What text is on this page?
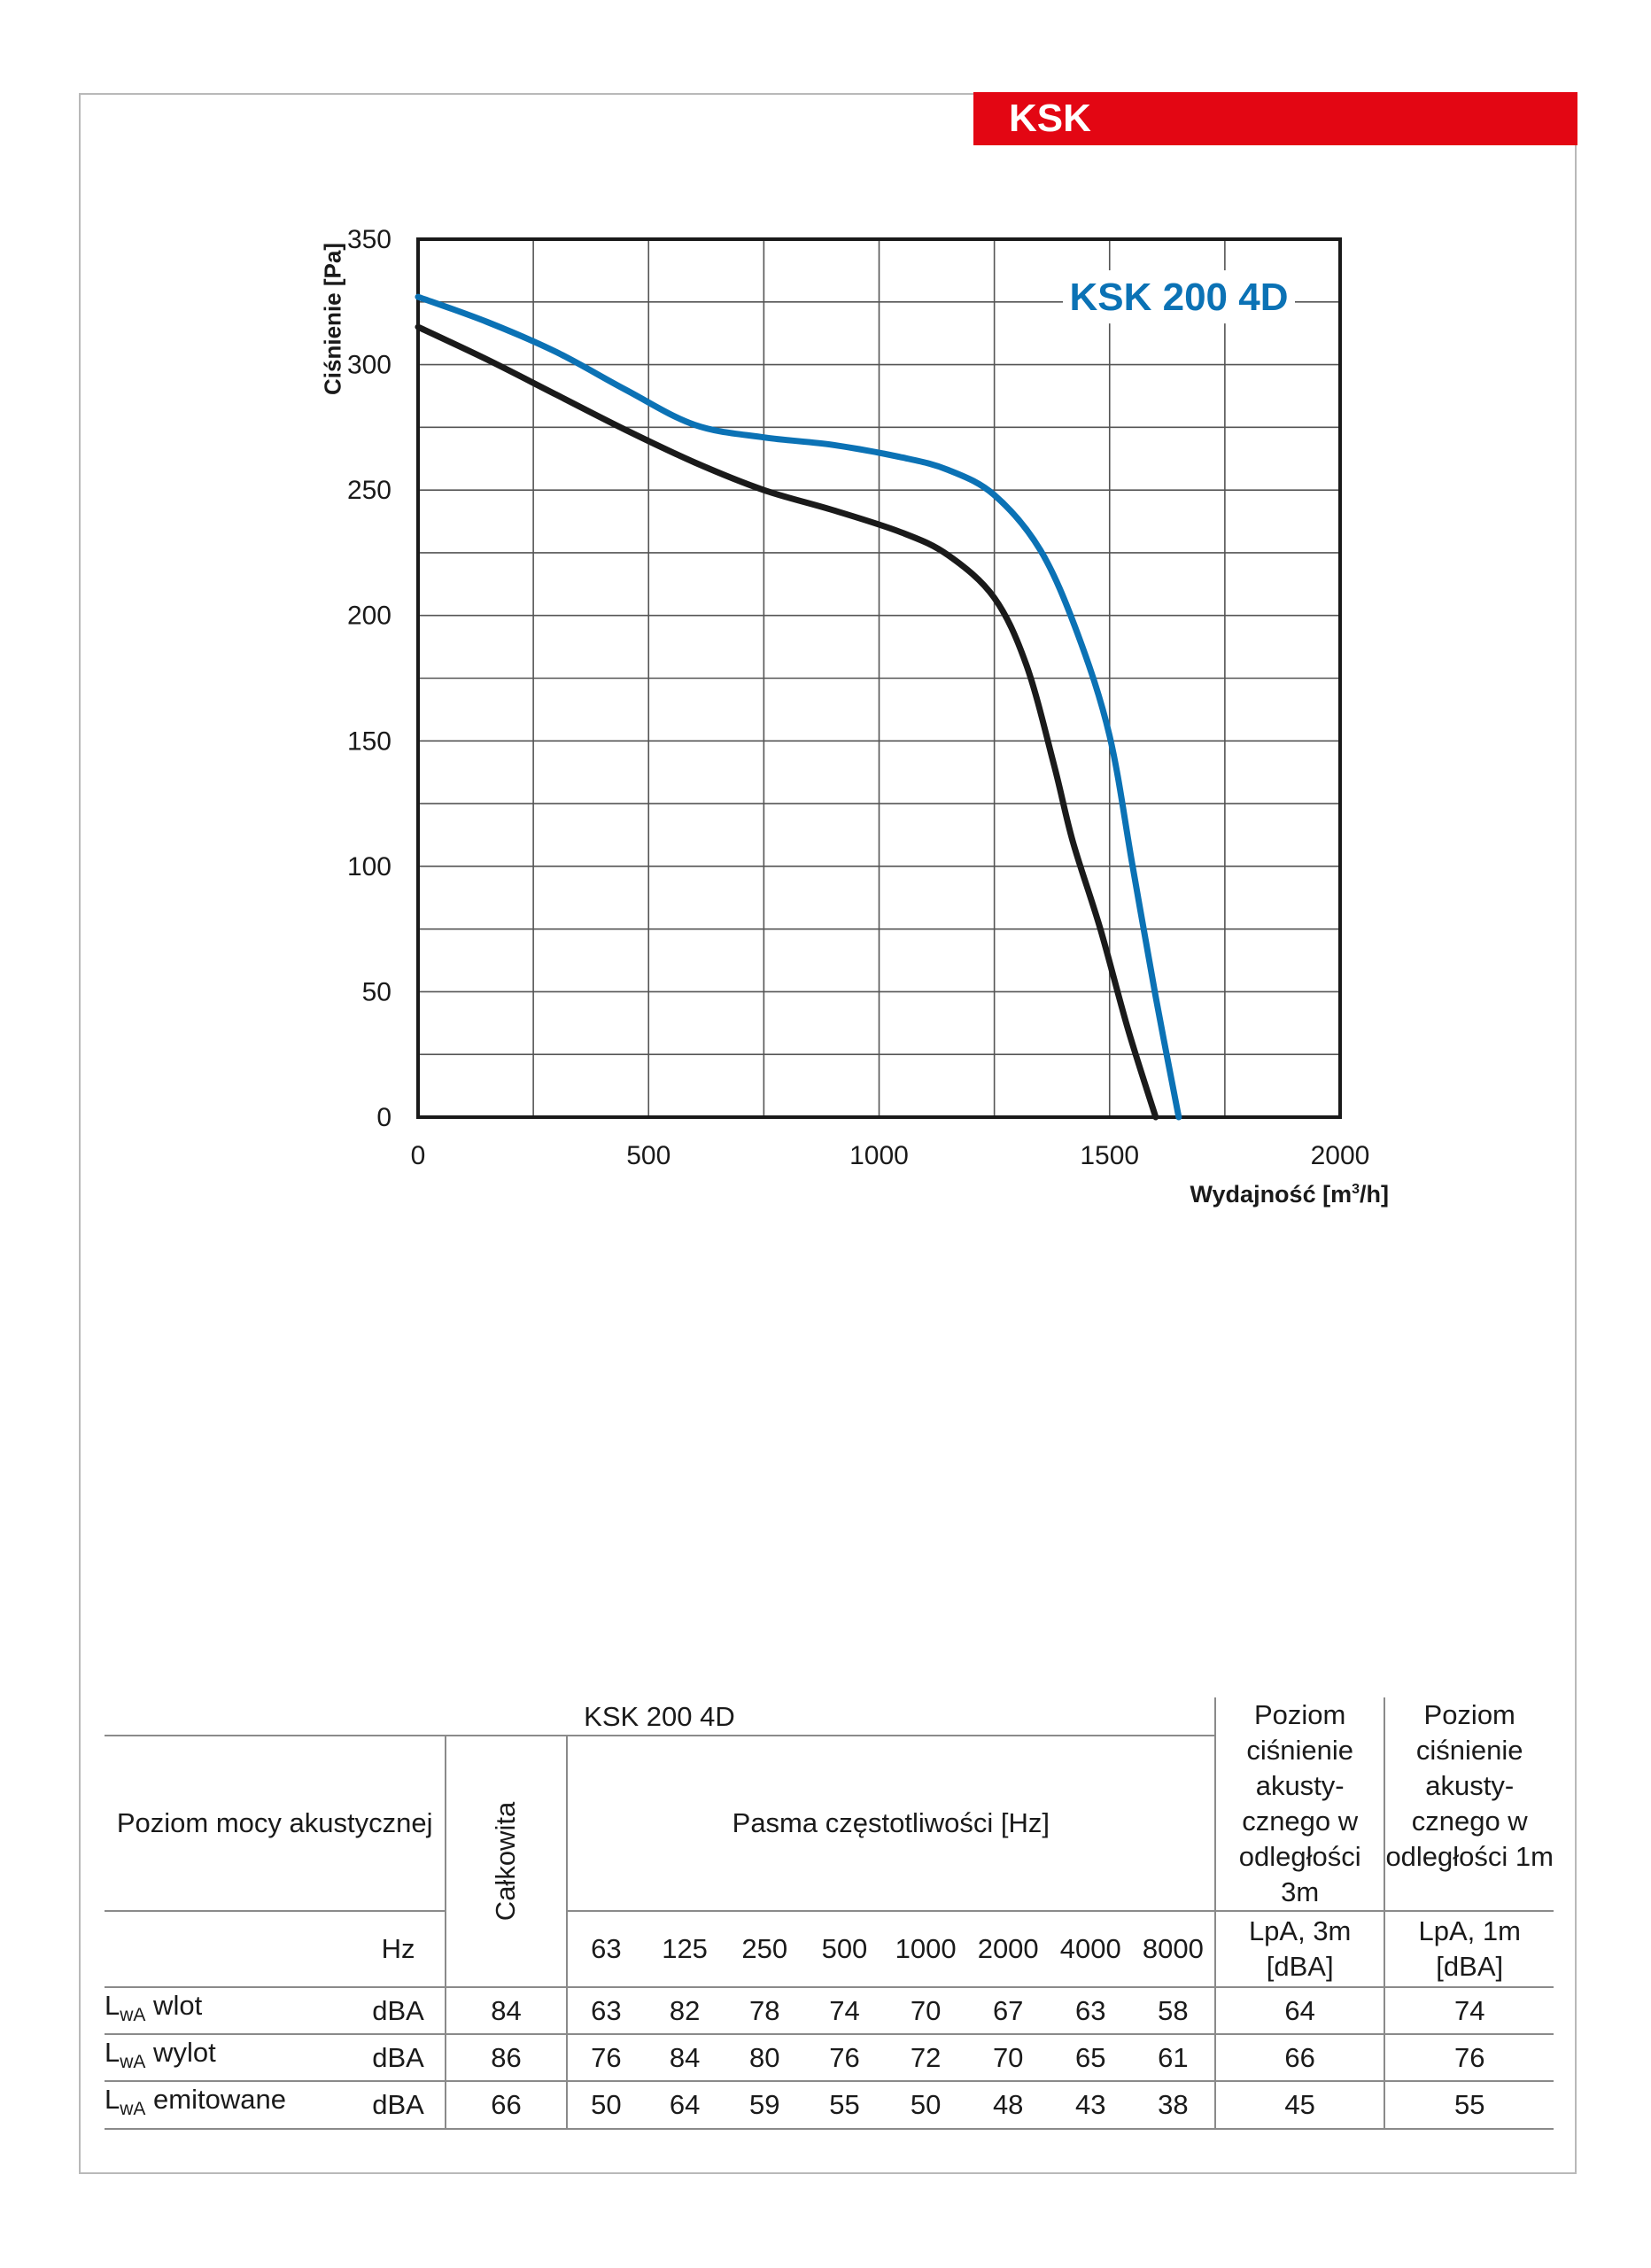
KSK
0	500	1000	1500	2000
0
50
100
150
200
250
300
350
KSK 200 4D
Ciśnienie [Pa]
Wydajność $[m^3/h]$
KSK 200 4D											Poziom ciśnienie akusty-cznego w odległości 3m	Poziom ciśnienie akusty-cznego w odległości 1m
Poziom mocy akustycznej		Całkowita	Pasma częstotliwości [Hz]									
	Hz		63	125	250	500	1000	2000	4000	8000	LpA, 3m [dBA]	LpA, 1m [dBA]
$L_{wA}$ wlot	dBA	84	63	82	78	74	70	67	63	58	64	74
$L_{wA}$ wylot	dBA	86	76	84	80	76	72	70	65	61	66	76
$L_{wA}$ emitowane	dBA	66	50	64	59	55	50	48	43	38	45	55
